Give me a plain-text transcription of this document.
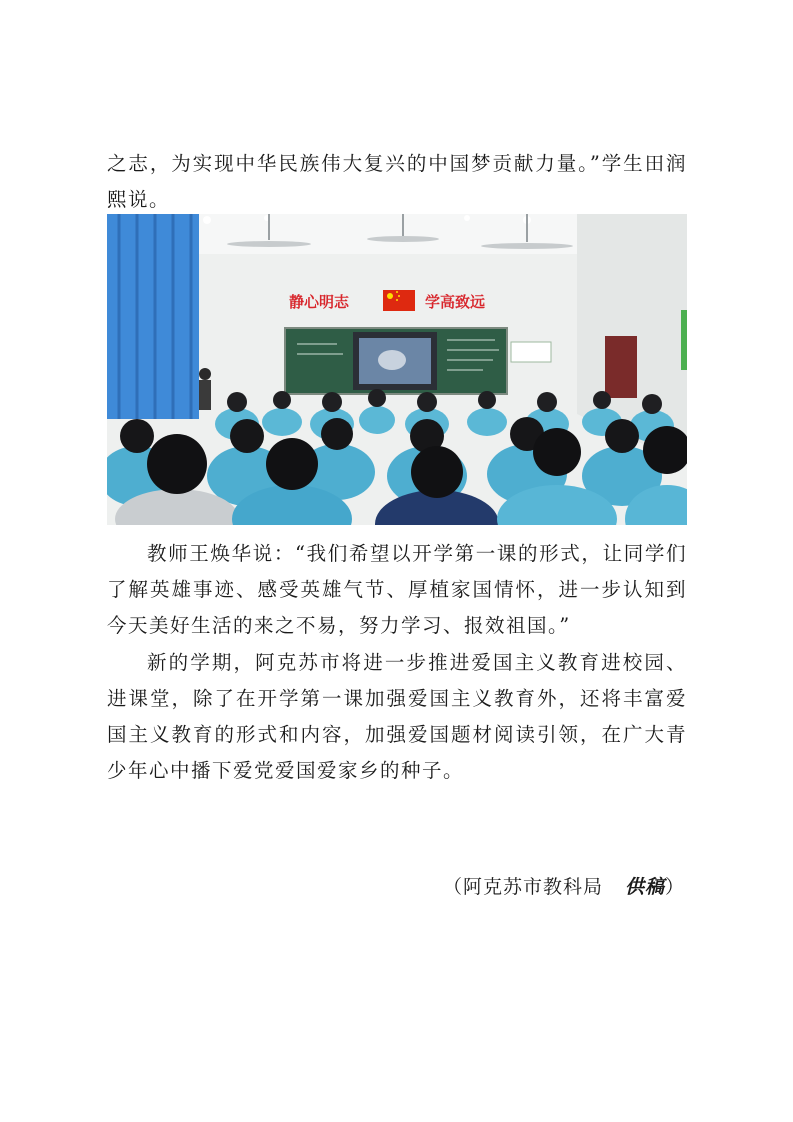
之志，为实现中华民族伟大复兴的中国梦贡献力量。”学生田润熙说。

静心明志	学高致远

教师王焕华说：“我们希望以开学第一课的形式，让同学们了解英雄事迹、感受英雄气节、厚植家国情怀，进一步认知到今天美好生活的来之不易，努力学习、报效祖国。”

新的学期，阿克苏市将进一步推进爱国主义教育进校园、进课堂，除了在开学第一课加强爱国主义教育外，还将丰富爱国主义教育的形式和内容，加强爱国题材阅读引领，在广大青少年心中播下爱党爱国爱家乡的种子。

（阿克苏市教科局 供稿）
